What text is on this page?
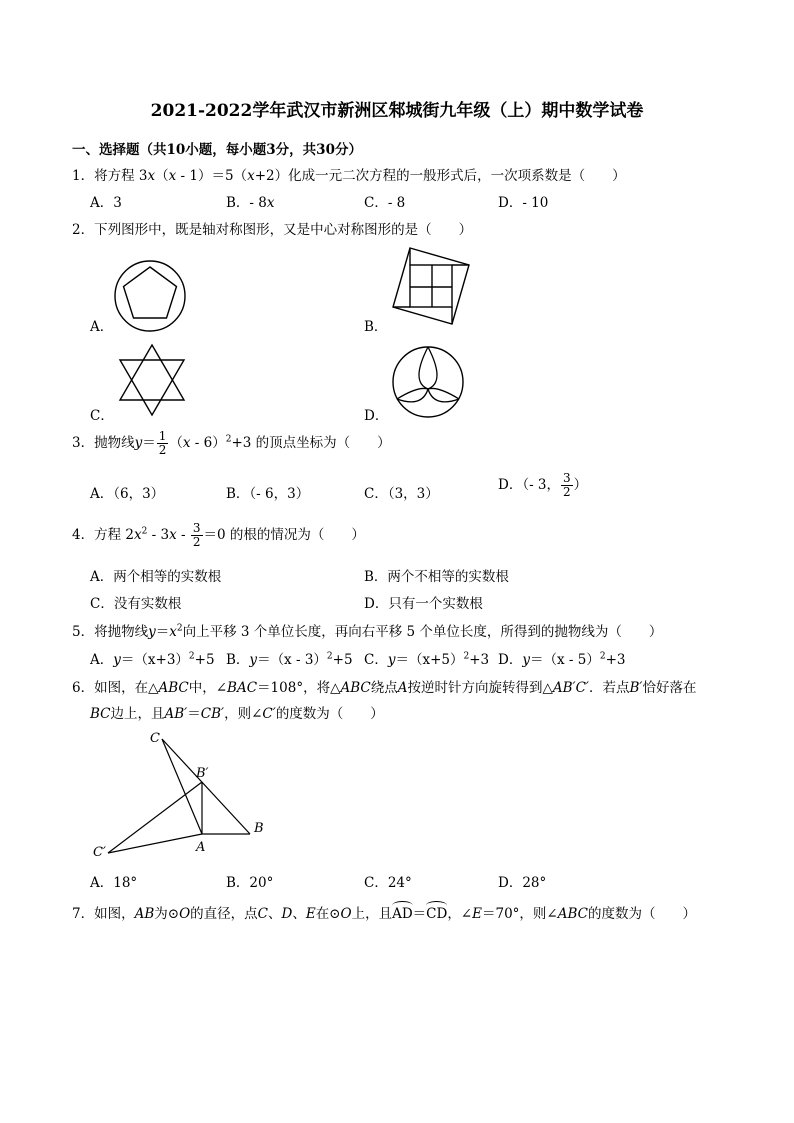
2021-2022学年武汉市新洲区邾城街九年级（上）期中数学试卷
一、选择题（共10小题，每小题3分，共30分）
1．将方程 3x（x - 1）＝5（x+2）化成一元二次方程的一般形式后，一次项系数是（　　）
A．3	B．- 8x	C．- 8	D．- 10
2．下列图形中，既是轴对称图形，又是中心对称图形的是（　　）
A．	B．
C．	D．
3．抛物线$y= \frac{1}{2} (x - 6)^2+3$ 的顶点坐标为（　　）
A．（6，3）	B．（- 6，3）	C．（3，3）
D．（- 3， $\frac{3}{2}$ ）
4．方程 $2x^2 - 3x - \frac{3}{2} =0$ 的根的情况为（　　）
A．两个相等的实数根	B．两个不相等的实数根
C．没有实数根	D．只有一个实数根
5．将抛物线$y=x^2$向上平移 3 个单位长度，再向右平移 5 个单位长度，所得到的抛物线为（　　）
A．$y=(x+3)^2+5$ B．y＝（x - 3）$^2$+5 C．$y=(x+5)^2+3$ D．y＝（x - 5）$^2$+3
6．如图，在△ABC中，∠BAC＝108°，将△ABC绕点A按逆时针方向旋转得到△AB′C′．若点B′恰好落在
BC边上，且AB′＝CB′，则∠C′的度数为（　　）
C
B′
B
C′	A
A．18°	B．20°	C．24°	D．28°
7．如图，AB为⊙O的直径，点C、D、E在⊙O上，且AD＝CD，∠E＝70°，则∠ABC的度数为（　　）
